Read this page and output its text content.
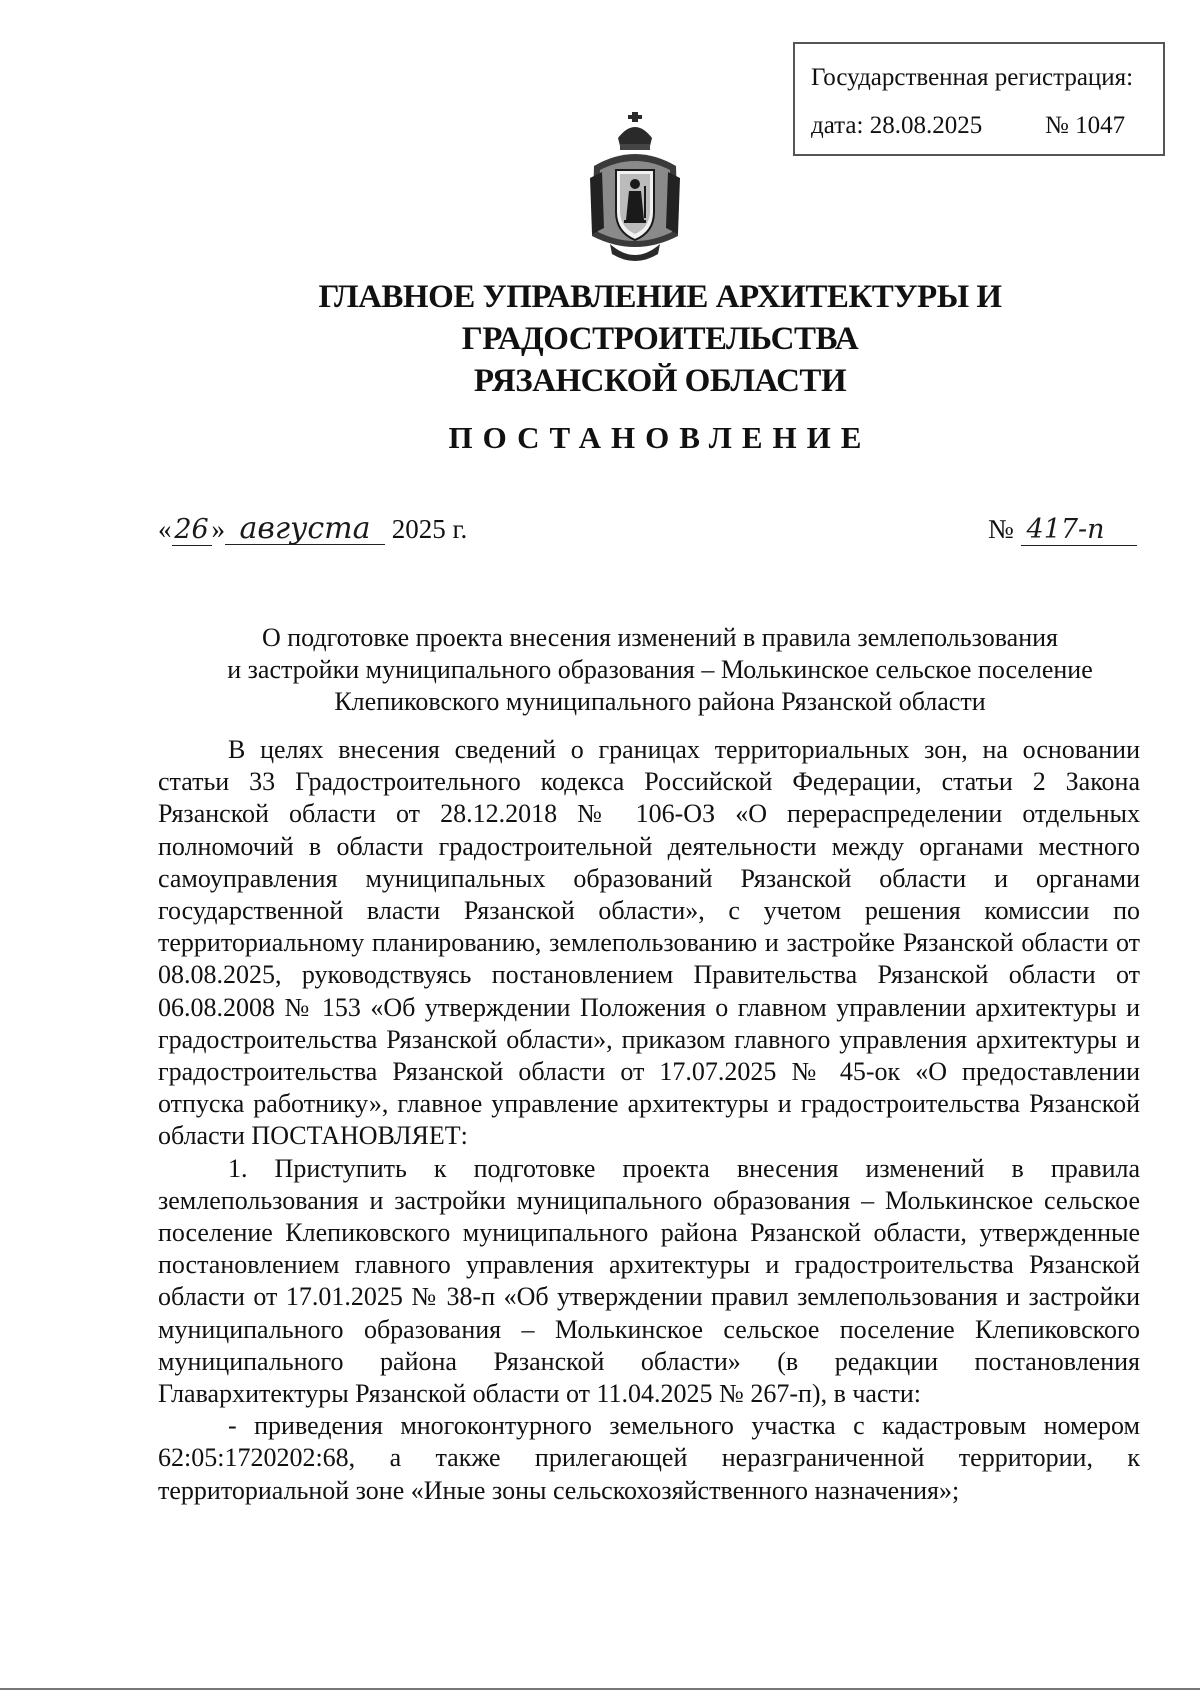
Государственная регистрация:
дата: 28.08.2025	№ 1047
ГЛАВНОЕ УПРАВЛЕНИЕ АРХИТЕКТУРЫ И ГРАДОСТРОИТЕЛЬСТВА
РЯЗАНСКОЙ ОБЛАСТИ
ПОСТАНОВЛЕНИЕ
« 26 » августа 2025 г.	№ 417-п
О подготовке проекта внесения изменений в правила землепользования
и застройки муниципального образования – Молькинское сельское поселение
Клепиковского муниципального района Рязанской области

В целях внесения сведений о границах территориальных зон, на основании статьи 33 Градостроительного кодекса Российской Федерации, статьи 2 Закона Рязанской области от 28.12.2018 № 106-ОЗ «О перераспределении отдельных полномочий в области градостроительной деятельности между органами местного самоуправления муниципальных образований Рязанской области и органами государственной власти Рязанской области», с учетом решения комиссии по территориальному планированию, землепользованию и застройке Рязанской области от 08.08.2025, руководствуясь постановлением Правительства Рязанской области от 06.08.2008 № 153 «Об утверждении Положения о главном управлении архитектуры и градостроительства Рязанской области», приказом главного управления архитектуры и градостроительства Рязанской области от 17.07.2025 № 45-ок «О предоставлении отпуска работнику», главное управление архитектуры и градостроительства Рязанской области ПОСТАНОВЛЯЕТ:

1. Приступить к подготовке проекта внесения изменений в правила землепользования и застройки муниципального образования – Молькинское сельское поселение Клепиковского муниципального района Рязанской области, утвержденные постановлением главного управления архитектуры и градостроительства Рязанской области от 17.01.2025 № 38-п «Об утверждении правил землепользования и застройки муниципального образования – Молькинское сельское поселение Клепиковского муниципального района Рязанской области» (в редакции постановления Главархитектуры Рязанской области от 11.04.2025 № 267-п), в части:

- приведения многоконтурного земельного участка с кадастровым номером 62:05:1720202:68, а также прилегающей неразграниченной территории, к территориальной зоне «Иные зоны сельскохозяйственного назначения»;
